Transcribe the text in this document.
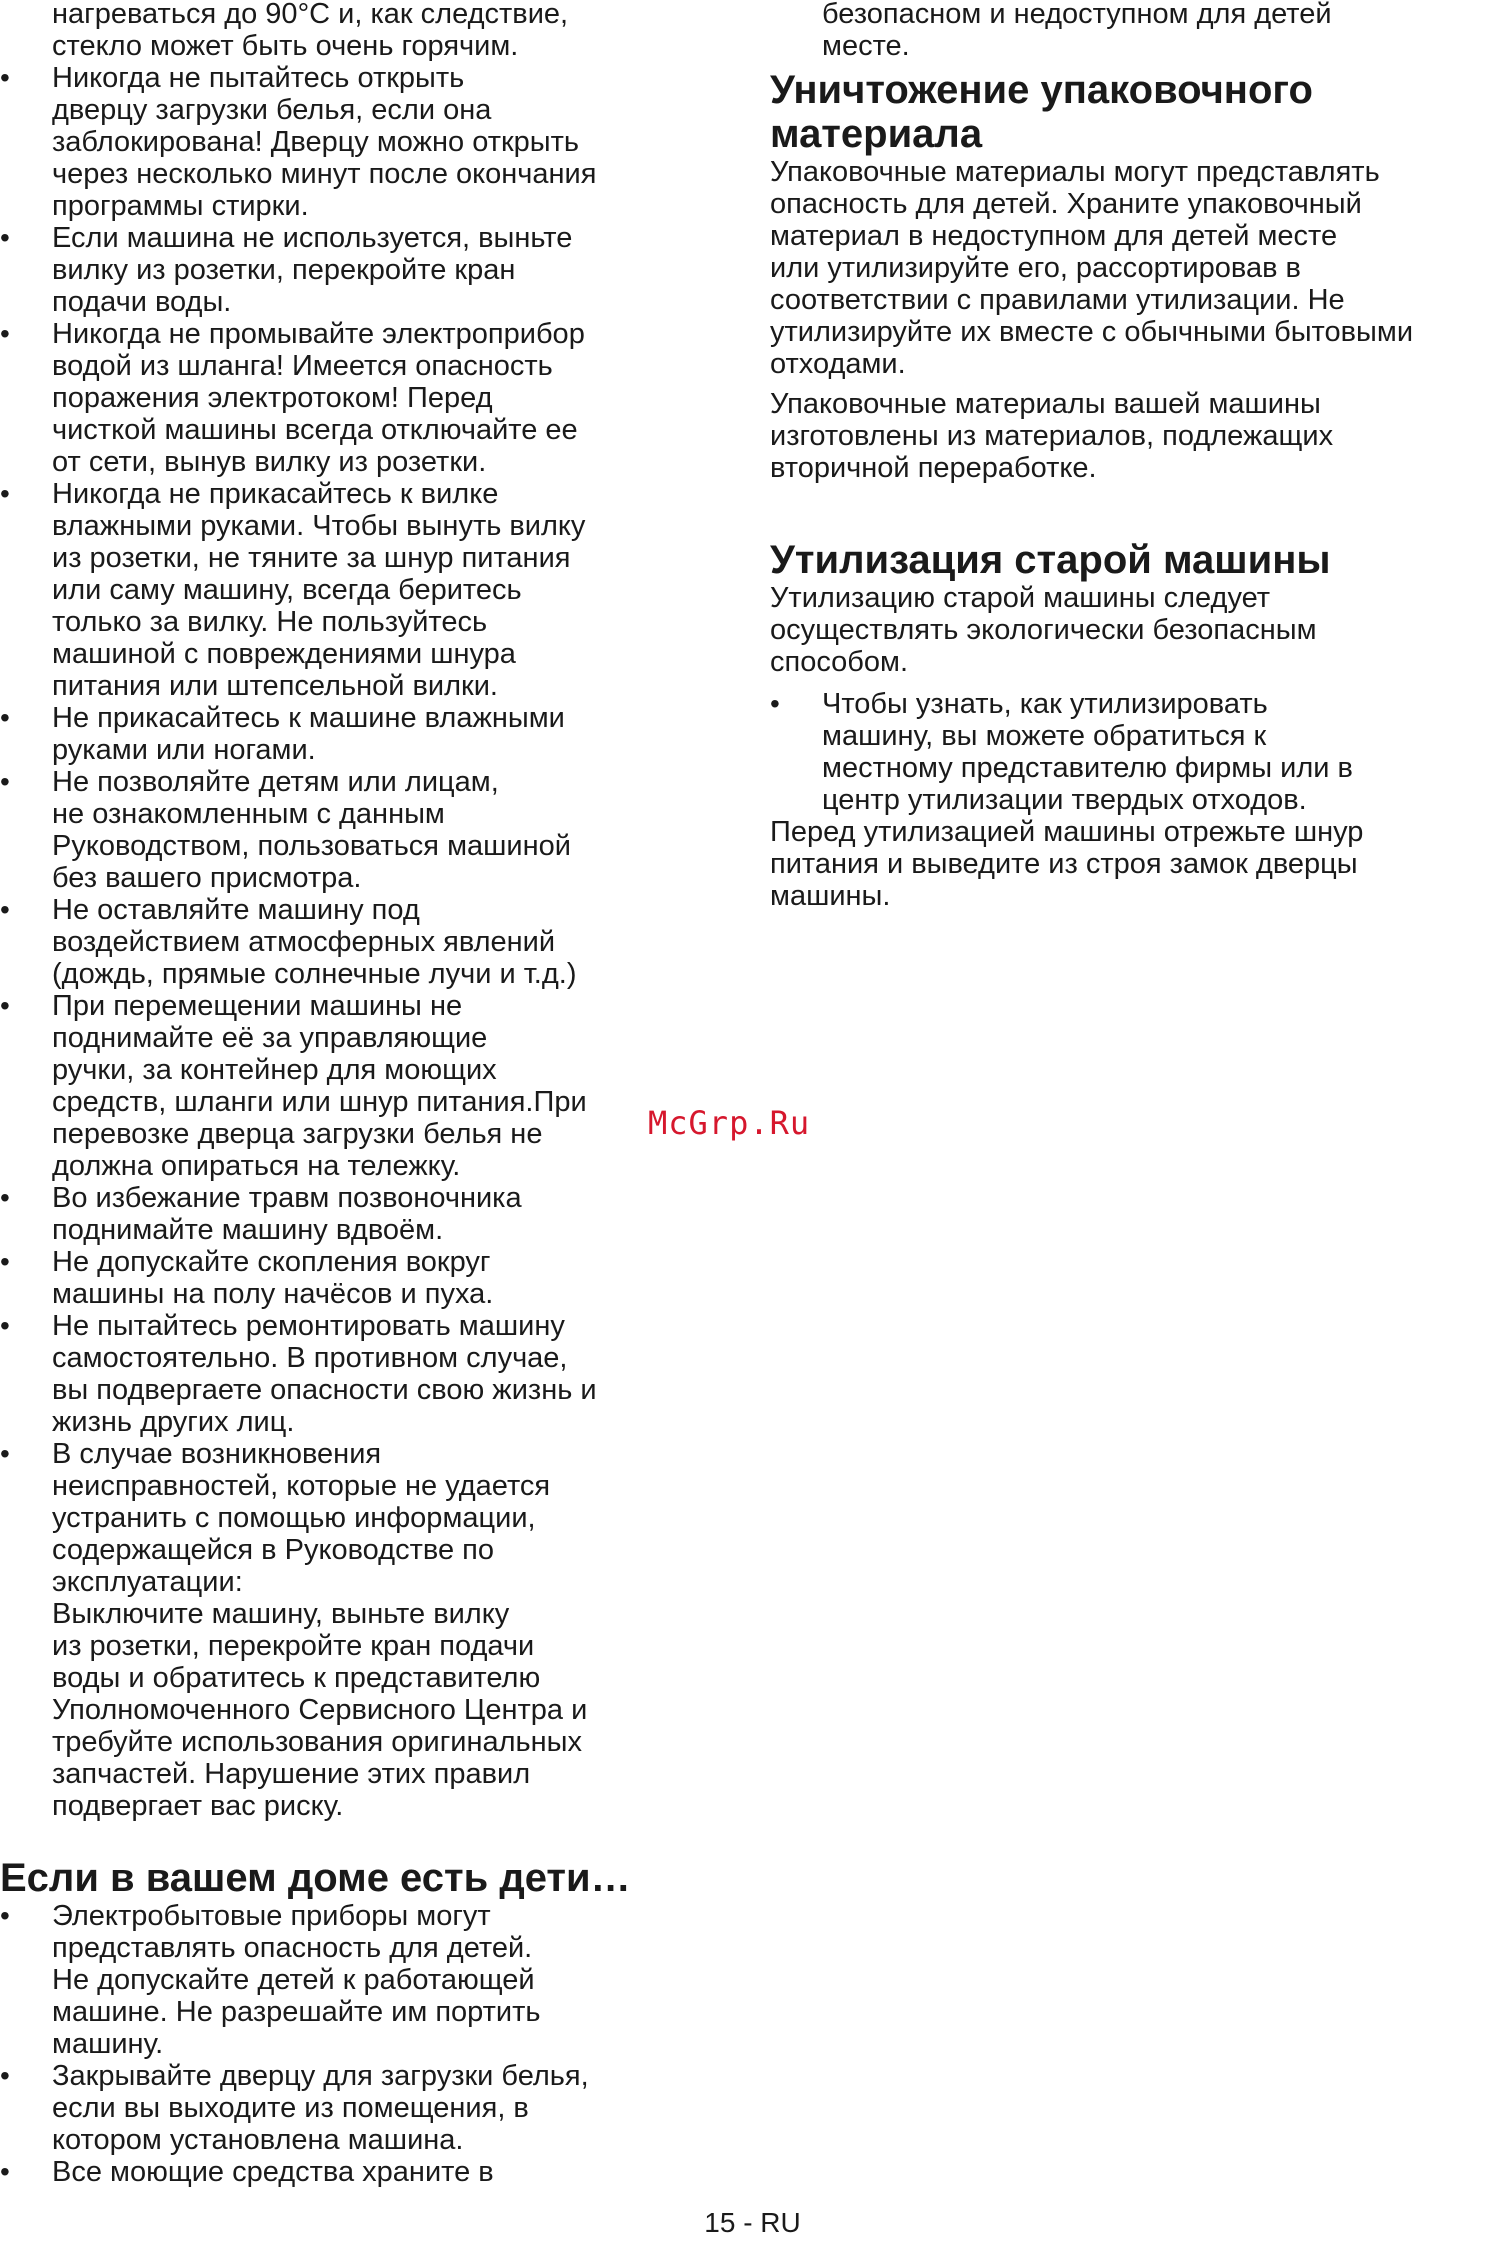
нагреваться до 90°C и, как следствие,
стекло может быть очень горячим.

• Никогда не пытайтесь открыть
дверцу загрузки белья, если она
заблокирована! Дверцу можно открыть
через несколько минут после окончания
программы стирки.
• Если машина не используется, выньте
вилку из розетки, перекройте кран
подачи воды.
• Никогда не промывайте электроприбор
водой из шланга! Имеется опасность
поражения электротоком! Перед
чисткой машины всегда отключайте ее
от сети, вынув вилку из розетки.
• Никогда не прикасайтесь к вилке
влажными руками. Чтобы вынуть вилку
из розетки, не тяните за шнур питания
или саму машину, всегда беритесь
только за вилку. Не пользуйтесь
машиной с повреждениями шнура
питания или штепсельной вилки.
• Не прикасайтесь к машине влажными
руками или ногами.
• Не позволяйте детям или лицам,
не ознакомленным с данным
Руководством, пользоваться машиной
без вашего присмотра.
• Не оставляйте машину под
воздействием атмосферных явлений
(дождь, прямые солнечные лучи и т.д.)
• При перемещении машины не
поднимайте её за управляющие
ручки, за контейнер для моющих
средств, шланги или шнур питания.При
перевозке дверца загрузки белья не
должна опираться на тележку.
• Во избежание травм позвоночника
поднимайте машину вдвоём.
• Не допускайте скопления вокруг
машины на полу начёсов и пуха.
• Не пытайтесь ремонтировать машину
самостоятельно. В противном случае,
вы подвергаете опасности свою жизнь и
жизнь других лиц.
• В случае возникновения
неисправностей, которые не удается
устранить с помощью информации,
содержащейся в Руководстве по
эксплуатации:
Выключите машину, выньте вилку
из розетки, перекройте кран подачи
воды и обратитесь к представителю
Уполномоченного Сервисного Центра и
требуйте использования оригинальных
запчастей. Нарушение этих правил
подвергает вас риску.
Если в вашем доме есть дети…
• Электробытовые приборы могут
представлять опасность для детей.
Не допускайте детей к работающей
машине. Не разрешайте им портить
машину.
• Закрывайте дверцу для загрузки белья,
если вы выходите из помещения, в
котором установлена машина.
• Все моющие средства храните в

безопасном и недоступном для детей
месте.

Уничтожение упаковочного
материала

Упаковочные материалы могут представлять
опасность для детей. Храните упаковочный
материал в недоступном для детей месте
или утилизируйте его, рассортировав в
соответствии с правилами утилизации. Не
утилизируйте их вместе с обычными бытовыми
отходами.

Упаковочные материалы вашей машины
изготовлены из материалов, подлежащих
вторичной переработке.

Утилизация старой машины

Утилизацию старой машины следует
осуществлять экологически безопасным
способом.

• Чтобы узнать, как утилизировать
машину, вы можете обратиться к
местному представителю фирмы или в
центр утилизации твердых отходов.

Перед утилизацией машины отрежьте шнур
питания и выведите из строя замок дверцы
машины.

McGrp.Ru
15 - RU
